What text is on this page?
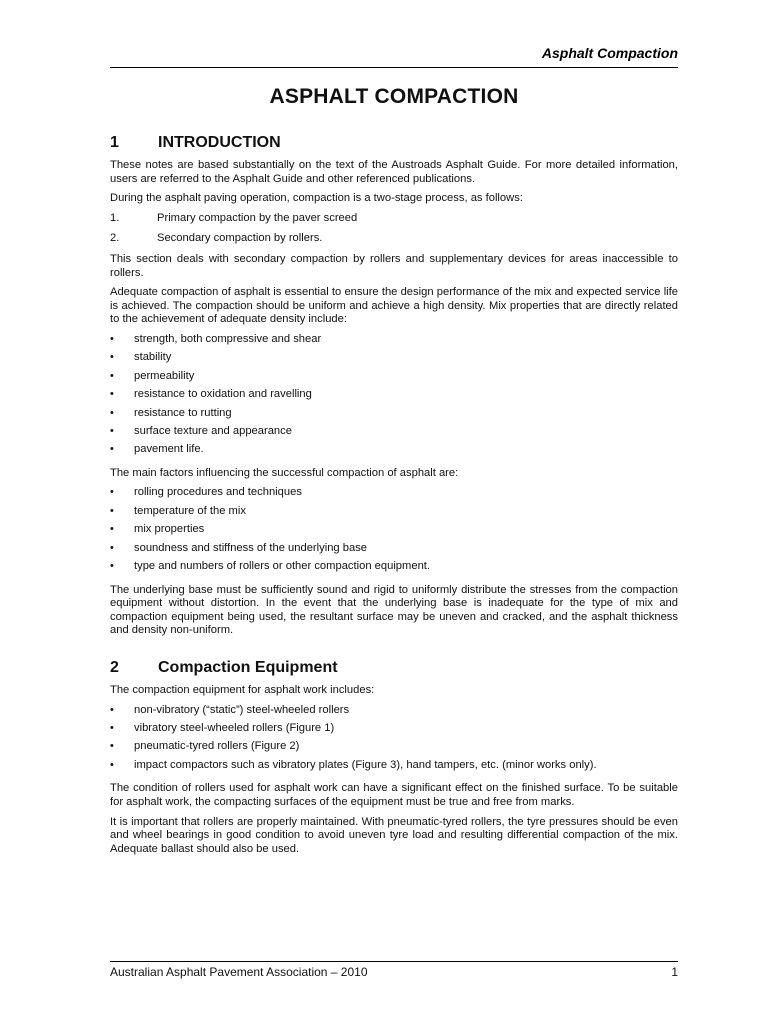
Asphalt Compaction
ASPHALT COMPACTION
1	INTRODUCTION

These notes are based substantially on the text of the Austroads Asphalt Guide. For more detailed information, users are referred to the Asphalt Guide and other referenced publications.

During the asphalt paving operation, compaction is a two-stage process, as follows:

1.	Primary compaction by the paver screed
2.	Secondary compaction by rollers.

This section deals with secondary compaction by rollers and supplementary devices for areas inaccessible to rollers.

Adequate compaction of asphalt is essential to ensure the design performance of the mix and expected service life is achieved. The compaction should be uniform and achieve a high density. Mix properties that are directly related to the achievement of adequate density include:

•	strength, both compressive and shear
•	stability
•	permeability
•	resistance to oxidation and ravelling
•	resistance to rutting
•	surface texture and appearance
•	pavement life.

The main factors influencing the successful compaction of asphalt are:

•	rolling procedures and techniques
•	temperature of the mix
•	mix properties
•	soundness and stiffness of the underlying base
•	type and numbers of rollers or other compaction equipment.

The underlying base must be sufficiently sound and rigid to uniformly distribute the stresses from the compaction equipment without distortion. In the event that the underlying base is inadequate for the type of mix and compaction equipment being used, the resultant surface may be uneven and cracked, and the asphalt thickness and density non-uniform.

2	Compaction Equipment

The compaction equipment for asphalt work includes:

•	non-vibratory (“static”) steel-wheeled rollers
•	vibratory steel-wheeled rollers (Figure 1)
•	pneumatic-tyred rollers (Figure 2)
•	impact compactors such as vibratory plates (Figure 3), hand tampers, etc. (minor works only).

The condition of rollers used for asphalt work can have a significant effect on the finished surface. To be suitable for asphalt work, the compacting surfaces of the equipment must be true and free from marks.

It is important that rollers are properly maintained. With pneumatic-tyred rollers, the tyre pressures should be even and wheel bearings in good condition to avoid uneven tyre load and resulting differential compaction of the mix. Adequate ballast should also be used.

Australian Asphalt Pavement Association – 2010	1
